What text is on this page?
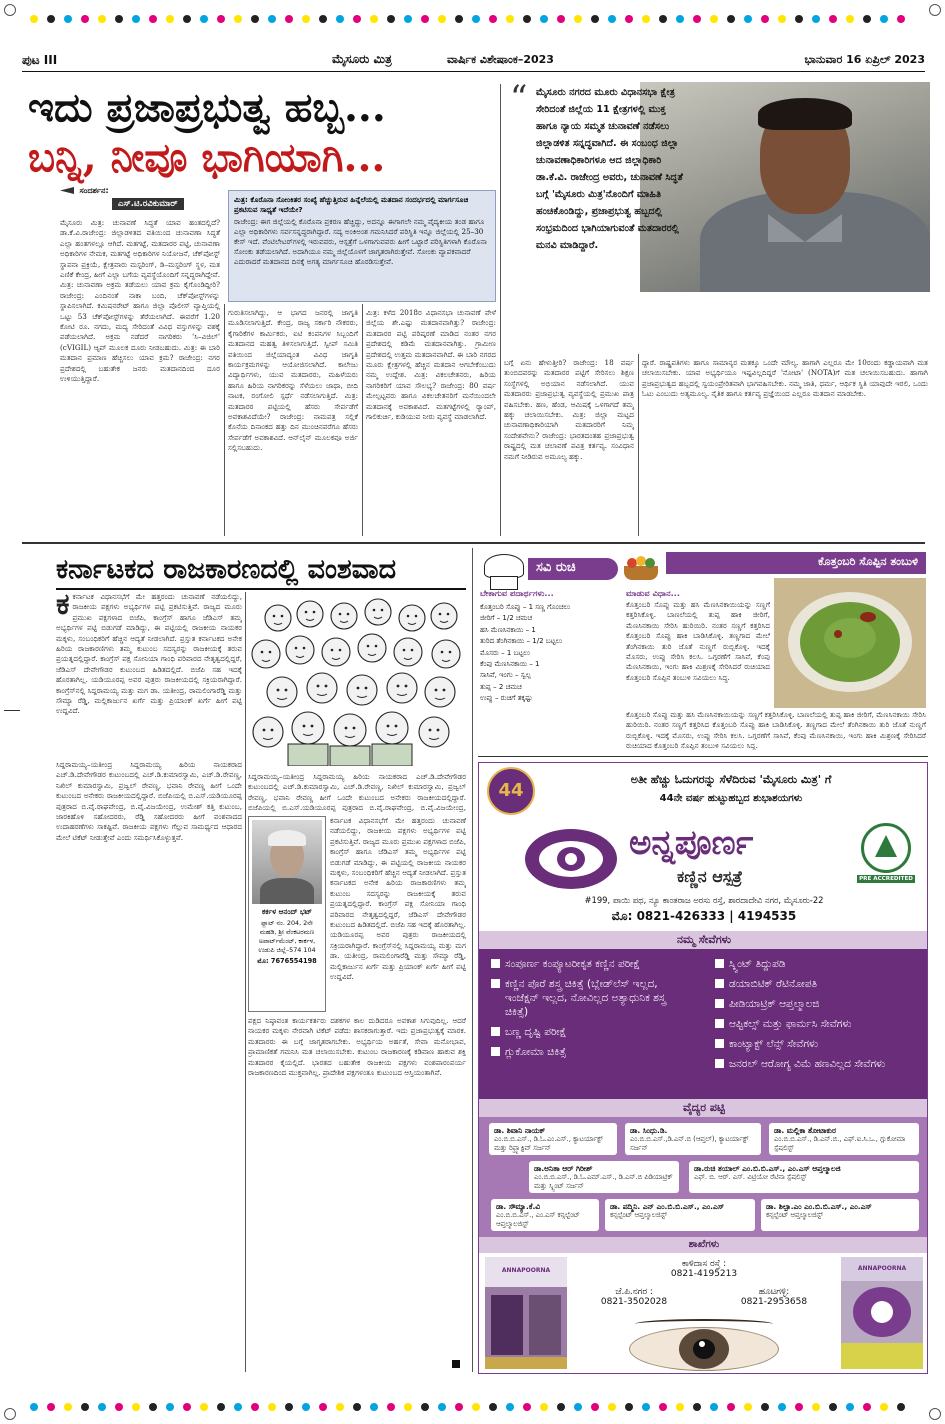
ಪುಟ III	ಮೈಸೂರು ಮಿತ್ರ	ವಾರ್ಷಿಕ ವಿಶೇಷಾಂಕ–2023	ಭಾನುವಾರ 16 ಏಪ್ರಿಲ್ 2023
ಇದು ಪ್ರಜಾಪ್ರಭುತ್ವ ಹಬ್ಬ...
ಬನ್ನಿ, ನೀವೂ ಭಾಗಿಯಾಗಿ...
ಸಂದರ್ಶನ:
ಎಸ್.ಟಿ.ರವಿಕುಮಾರ್
“ ಮೈಸೂರು ನಗರದ ಮೂರು ವಿಧಾನಸಭಾ ಕ್ಷೇತ್ರ ಸೇರಿದಂತೆ ಜಿಲ್ಲೆಯ 11 ಕ್ಷೇತ್ರಗಳಲ್ಲಿ ಮುಕ್ತ ಹಾಗೂ ನ್ಯಾಯ ಸಮ್ಮತ ಚುನಾವಣೆ ನಡೆಸಲು ಜಿಲ್ಲಾಡಳಿತ ಸನ್ನದ್ಧವಾಗಿದೆ. ಈ ಸಂಬಂಧ ಜಿಲ್ಲಾ ಚುನಾವಣಾಧಿಕಾರಿಗಳೂ ಆದ ಜಿಲ್ಲಾಧಿಕಾರಿ ಡಾ.ಕೆ.ವಿ. ರಾಜೇಂದ್ರ ಅವರು, ಚುನಾವಣೆ ಸಿದ್ಧತೆ ಬಗ್ಗೆ 'ಮೈಸೂರು ಮಿತ್ರ'ನೊಂದಿಗೆ ಮಾಹಿತಿ ಹಂಚಿಕೊಂಡಿದ್ದು, ಪ್ರಜಾಪ್ರಭುತ್ವ ಹಬ್ಬದಲ್ಲಿ ಸಂಭ್ರಮದಿಂದ ಭಾಗಿಯಾಗುವಂತೆ ಮತದಾರರಲ್ಲಿ ಮನವಿ ಮಾಡಿದ್ದಾರೆ.
ಮಿತ್ರ: ಕೊರೊನಾ ಸೋಂಕಿತರ ಸಂಖ್ಯೆ ಹೆಚ್ಚುತ್ತಿರುವ ಹಿನ್ನೆಲೆಯಲ್ಲಿ ಮತದಾನ ಸಂದರ್ಭದಲ್ಲಿ ಮಾರ್ಗಸೂಚಿ ಪ್ರಕಟಿಸುವ ಸಾಧ್ಯತೆ ಇದೆಯೇ?
ರಾಜೇಂದ್ರ: ಈಗ ಜಿಲ್ಲೆಯಲ್ಲಿ ಕೊರೊನಾ ಪ್ರಕರಣ ಹೆಚ್ಚಿದ್ದು, ಅದನ್ನೂ ಈಗಾಗಲೇ ನಮ್ಮ ವೈದ್ಯಕೀಯ ತಂಡ ಹಾಗೂ ಎಲ್ಲಾ ಅಧಿಕಾರಿಗಳು ಸರ್ವಸನ್ನದ್ಧರಾಗಿದ್ದಾರೆ. ಸದ್ಯ ಅಂಕಿಅಂಶ ಗಮನಿಸಿದರೆ ಪರಿಸ್ಥಿತಿ ಇನ್ನೂ ಜಿಲ್ಲೆಯಲ್ಲಿ 25–30 ಕೇಸ್ ಇದೆ. ವೆಂಟಿಲೇಟರ್‌ಗಳಲ್ಲಿ ಇರುವವರು, ಆಸ್ಪತ್ರೆಗೆ ಒಳಗಾಗುವವರು ಹೀಗೆ ಒಟ್ಟಾರೆ ಪರಿಸ್ಥಿತಿಗಳಾಗಿ ಕೊರೊನಾ ಸೋಂಕು ತಡೆಯಲಾಗಿದೆ. ಅದಾಗಿಯೂ ನಮ್ಮ ಜಿಲ್ಲೆಯೊಳಗೆ ಜಾಗೃತರಾಗಿರುತ್ತೇವೆ. ಸೋಂಕು ವ್ಯಾಪಕವಾದರೆ ಎದುರಾದರೆ ಮತದಾನದ ದಿನಕ್ಕೆ ಅಗತ್ಯ ಮಾರ್ಗಸೂಚಿ ಹೊರಡಿಸುತ್ತೇವೆ.
ಮೈಸೂರು ಮಿತ್ರ: ಚುನಾವಣೆ ಸಿದ್ಧತೆ ಯಾವ ಹಂತದಲ್ಲಿದೆ? ಡಾ.ಕೆ.ವಿ.ರಾಜೇಂದ್ರ: ಜಿಲ್ಲಾಡಳಿತದ ವತಿಯಿಂದ ಚುನಾವಣಾ ಸಿದ್ಧತೆ ಎಲ್ಲಾ ಹಂತಗಳಲ್ಲೂ ಆಗಿದೆ. ಮತಗಟ್ಟೆ, ಮತದಾರರ ಪಟ್ಟಿ, ಚುನಾವಣಾ ಅಧಿಕಾರಿಗಳ ನೇಮಕ, ಮತಗಟ್ಟೆ ಅಧಿಕಾರಿಗಳ ನಿಯೋಜನೆ, ಚೆಕ್‌ಪೋಸ್ಟ್ ಸ್ಥಾಪನಾ ಪ್ರಕ್ರಿಯೆ, ಕ್ಷೇತ್ರವಾರು ಮಸ್ಟರಿಂಗ್, ಡಿ–ಮಸ್ಟರಿಂಗ್ ಸ್ಥಳ, ಮತ ಎಣಿಕೆ ಕೇಂದ್ರ, ಹೀಗೆ ಎಲ್ಲಾ ಬಗೆಯ ವ್ಯವಸ್ಥೆಯೊಂದಿಗೆ ಸನ್ನದ್ಧರಾಗಿದ್ದೇವೆ. ಮಿತ್ರ: ಚುನಾವಣಾ ಅಕ್ರಮ ತಡೆಯಲು ಯಾವ ಕ್ರಮ ಕೈಗೊಂಡಿದ್ದೀರಿ? ರಾಜೇಂದ್ರ: ಎಂದಿನಂತೆ ನಾಕಾ ಬಂದಿ, ಚೆಕ್‌ಪೋಸ್ಟ್‌ಗಳನ್ನು ಸ್ಥಾಪಿಸಲಾಗಿದೆ. ಕಮಿಷನರೇಟ್ ಹಾಗೂ ಜಿಲ್ಲಾ ಪೊಲೀಸ್ ವ್ಯಾಪ್ತಿಯಲ್ಲಿ ಒಟ್ಟು 53 ಚೆಕ್‌ಪೋಸ್ಟ್‌ಗಳನ್ನು ತೆರೆಯಲಾಗಿದೆ. ಈವರೆಗೆ 1.20 ಕೋಟಿ ರೂ. ನಗದು, ಮದ್ಯ ಸೇರಿದಂತೆ ವಿವಿಧ ವಸ್ತುಗಳನ್ನು ವಶಕ್ಕೆ ಪಡೆಯಲಾಗಿದೆ. ಅಕ್ರಮ ನಡೆದರೆ ನಾಗರಿಕರು 'ಸಿ–ವಿಜಿಲ್' (cVIGIL) ಆ್ಯಪ್ ಮೂಲಕ ದೂರು ನೀಡಬಹುದು. ಮಿತ್ರ: ಈ ಬಾರಿ ಮತದಾನ ಪ್ರಮಾಣ ಹೆಚ್ಚಿಸಲು ಯಾವ ಕ್ರಮ? ರಾಜೇಂದ್ರ: ನಗರ ಪ್ರದೇಶದಲ್ಲಿ ಬಹುತೇಕ ಜನರು ಮತದಾನದಿಂದ ದೂರ ಉಳಿಯುತ್ತಿದ್ದಾರೆ.
ಗುರುತಿಸಲಾಗಿದ್ದು, ಆ ಭಾಗದ ಜನರಲ್ಲಿ ಜಾಗೃತಿ ಮೂಡಿಸಲಾಗುತ್ತಿದೆ. ಕೇಂದ್ರ, ರಾಜ್ಯ ಸರ್ಕಾರಿ ನೌಕರರು, ಕೈಗಾರಿಕೆಗಳ ಕಾರ್ಮಿಕರು, ಐಟಿ ಕಂಪನಿಗಳ ಸಿಬ್ಬಂದಿಗೆ ಮತದಾನದ ಮಹತ್ವ ತಿಳಿಸಲಾಗುತ್ತಿದೆ. ಸ್ವೀಪ್ ಸಮಿತಿ ವತಿಯಿಂದ ಜಿಲ್ಲೆಯಾದ್ಯಂತ ವಿವಿಧ ಜಾಗೃತಿ ಕಾರ್ಯಕ್ರಮಗಳನ್ನು ಆಯೋಜಿಸಲಾಗಿದೆ. ಕಾಲೇಜು ವಿದ್ಯಾರ್ಥಿಗಳು, ಯುವ ಮತದಾರರು, ಮಹಿಳೆಯರು ಹಾಗೂ ಹಿರಿಯ ನಾಗರಿಕರನ್ನು ಸೆಳೆಯಲು ಜಾಥಾ, ಬೀದಿ ನಾಟಕ, ರಂಗೋಲಿ ಸ್ಪರ್ಧೆ ನಡೆಸಲಾಗುತ್ತಿದೆ. ಮಿತ್ರ: ಮತದಾರರ ಪಟ್ಟಿಯಲ್ಲಿ ಹೆಸರು ಸೇರ್ಪಡೆಗೆ ಅವಕಾಶವಿದೆಯೇ? ರಾಜೇಂದ್ರ: ನಾಮಪತ್ರ ಸಲ್ಲಿಕೆ ಕೊನೆಯ ದಿನಾಂಕದ ಹತ್ತು ದಿನ ಮುಂಚಿನವರೆಗೂ ಹೆಸರು ಸೇರ್ಪಡೆಗೆ ಅವಕಾಶವಿದೆ. ಆನ್‌ಲೈನ್ ಮೂಲಕವೂ ಅರ್ಜಿ ಸಲ್ಲಿಸಬಹುದು.
ಮಿತ್ರ: ಕಳೆದ 2018ರ ವಿಧಾನಸಭಾ ಚುನಾವಣೆ ವೇಳೆ ಜಿಲ್ಲೆಯ ಶೇ.ಎಷ್ಟು ಮತದಾನವಾಗಿತ್ತು? ರಾಜೇಂದ್ರ: ಮತದಾರರ ಪಟ್ಟಿ ಪರಿಷ್ಕರಣೆ ಮಾಡಿದ ನಂತರ ನಗರ ಪ್ರದೇಶದಲ್ಲಿ ಕಡಿಮೆ ಮತದಾನವಾಗಿತ್ತು. ಗ್ರಾಮೀಣ ಪ್ರದೇಶದಲ್ಲಿ ಉತ್ತಮ ಮತದಾನವಾಗಿದೆ. ಈ ಬಾರಿ ನಗರದ ಮೂರು ಕ್ಷೇತ್ರಗಳಲ್ಲಿ ಹೆಚ್ಚಿನ ಮತದಾನ ಆಗಬೇಕೆಂಬುದು ನಮ್ಮ ಉದ್ದೇಶ. ಮಿತ್ರ: ವಿಕಲಚೇತನರು, ಹಿರಿಯ ನಾಗರಿಕರಿಗೆ ಯಾವ ಸೌಲಭ್ಯ? ರಾಜೇಂದ್ರ: 80 ವರ್ಷ ಮೇಲ್ಪಟ್ಟವರು ಹಾಗೂ ವಿಕಲಚೇತನರಿಗೆ ಮನೆಯಿಂದಲೇ ಮತದಾನಕ್ಕೆ ಅವಕಾಶವಿದೆ. ಮತಗಟ್ಟೆಗಳಲ್ಲಿ ರ‍್ಯಾಂಪ್, ಗಾಲಿಕುರ್ಚಿ, ಕುಡಿಯುವ ನೀರು ವ್ಯವಸ್ಥೆ ಮಾಡಲಾಗಿದೆ.
ಬಗ್ಗೆ ಏನು ಹೇಳುತ್ತೀರಿ? ರಾಜೇಂದ್ರ: 18 ವರ್ಷ ತುಂಬಿದವರನ್ನು ಮತದಾರರ ಪಟ್ಟಿಗೆ ಸೇರಿಸಲು ಶಿಕ್ಷಣ ಸಂಸ್ಥೆಗಳಲ್ಲಿ ಅಭಿಯಾನ ನಡೆಸಲಾಗಿದೆ. ಯುವ ಮತದಾರರು ಪ್ರಜಾಪ್ರಭುತ್ವ ವ್ಯವಸ್ಥೆಯಲ್ಲಿ ಪ್ರಮುಖ ಪಾತ್ರ ವಹಿಸಬೇಕು. ಹಣ, ಹೆಂಡ, ಆಮಿಷಕ್ಕೆ ಒಳಗಾಗದೆ ತಮ್ಮ ಹಕ್ಕು ಚಲಾಯಿಸಬೇಕು. ಮಿತ್ರ: ಜಿಲ್ಲಾ ಮಟ್ಟದ ಚುನಾವಣಾಧಿಕಾರಿಯಾಗಿ ಮತದಾರರಿಗೆ ನಿಮ್ಮ ಸಂದೇಶವೇನು? ರಾಜೇಂದ್ರ: ಭಾರತದಂತಹ ಪ್ರಜಾಪ್ರಭುತ್ವ ರಾಷ್ಟ್ರದಲ್ಲಿ ಮತ ಚಲಾವಣೆ ಪವಿತ್ರ ಕರ್ತವ್ಯ. ಸಂವಿಧಾನ ನಮಗೆ ನೀಡಿರುವ ಅಮೂಲ್ಯ ಹಕ್ಕು.
ದ್ದಾರೆ. ರಾಷ್ಟ್ರಪತಿಗಳು ಹಾಗೂ ಸಾಮಾನ್ಯರ ಮತಕ್ಕೂ ಒಂದೇ ಮೌಲ್ಯ. ಹಾಗಾಗಿ ಎಲ್ಲರೂ ಮೇ 10ರಂದು ಕಡ್ಡಾಯವಾಗಿ ಮತ ಚಲಾಯಿಸಬೇಕು. ಯಾವ ಅಭ್ಯರ್ಥಿಯೂ ಇಷ್ಟವಿಲ್ಲದಿದ್ದರೆ 'ನೋಟಾ' (NOTA)ಗೆ ಮತ ಚಲಾಯಿಸಬಹುದು. ಹಾಗಾಗಿ ಪ್ರಜಾಪ್ರಭುತ್ವದ ಹಬ್ಬದಲ್ಲಿ ಸ್ವಯಂಪ್ರೇರಿತವಾಗಿ ಭಾಗವಹಿಸಬೇಕು. ನಮ್ಮ ಜಾತಿ, ಧರ್ಮ, ಆರ್ಥಿಕ ಸ್ಥಿತಿ ಯಾವುದೇ ಇರಲಿ, ಒಂದು ಓಟು ಎಂಬುದು ಅತ್ಯಮೂಲ್ಯ. ನೈತಿಕ ಹಾಗೂ ಕರ್ತವ್ಯ ಪ್ರಜ್ಞೆಯಿಂದ ಎಲ್ಲರೂ ಮತದಾನ ಮಾಡಬೇಕು.
ಕರ್ನಾಟಕದ ರಾಜಕಾರಣದಲ್ಲಿ ವಂಶವಾದ
ಕ ಕರ್ನಾಟಕ ವಿಧಾನಸಭೆಗೆ ಮೇ ಹತ್ತರಂದು ಚುನಾವಣೆ ನಡೆಯಲಿದ್ದು, ರಾಜಕೀಯ ಪಕ್ಷಗಳು ಅಭ್ಯರ್ಥಿಗಳ ಪಟ್ಟಿ ಪ್ರಕಟಿಸುತ್ತಿವೆ. ರಾಜ್ಯದ ಮೂರು ಪ್ರಮುಖ ಪಕ್ಷಗಳಾದ ಬಿಜೆಪಿ, ಕಾಂಗ್ರೆಸ್ ಹಾಗೂ ಜೆಡಿಎಸ್ ತಮ್ಮ ಅಭ್ಯರ್ಥಿಗಳ ಪಟ್ಟಿ ಬಿಡುಗಡೆ ಮಾಡಿದ್ದು, ಈ ಪಟ್ಟಿಯಲ್ಲಿ ರಾಜಕೀಯ ನಾಯಕರ ಮಕ್ಕಳು, ಸಂಬಂಧಿಕರಿಗೆ ಹೆಚ್ಚಿನ ಆದ್ಯತೆ ನೀಡಲಾಗಿದೆ. ಪ್ರಸ್ತುತ ಕರ್ನಾಟಕದ ಅನೇಕ ಹಿರಿಯ ರಾಜಕಾರಣಿಗಳು ತಮ್ಮ ಕುಟುಂಬ ಸದಸ್ಯರನ್ನು ರಾಜಕೀಯಕ್ಕೆ ತರುವ ಪ್ರಯತ್ನದಲ್ಲಿದ್ದಾರೆ. ಕಾಂಗ್ರೆಸ್ ಪಕ್ಷ ಸೋನಿಯಾ ಗಾಂಧಿ ಪರಿವಾರದ ನೇತೃತ್ವದಲ್ಲಿದ್ದರೆ, ಜೆಡಿಎಸ್ ದೇವೇಗೌಡರ ಕುಟುಂಬದ ಹಿಡಿತದಲ್ಲಿದೆ. ಬಿಜೆಪಿ ಸಹ ಇದಕ್ಕೆ ಹೊರತಾಗಿಲ್ಲ. ಯಡಿಯೂರಪ್ಪ ಅವರ ಪುತ್ರರು ರಾಜಕೀಯದಲ್ಲಿ ಸಕ್ರಿಯರಾಗಿದ್ದಾರೆ. ಕಾಂಗ್ರೆಸ್‌ನಲ್ಲಿ ಸಿದ್ದರಾಮಯ್ಯ ಮತ್ತು ಮಗ ಡಾ. ಯತೀಂದ್ರ, ರಾಮಲಿಂಗಾರೆಡ್ಡಿ ಮತ್ತು ಸೌಮ್ಯಾ ರೆಡ್ಡಿ, ಮಲ್ಲಿಕಾರ್ಜುನ ಖರ್ಗೆ ಮತ್ತು ಪ್ರಿಯಾಂಕ್ ಖರ್ಗೆ ಹೀಗೆ ಪಟ್ಟಿ ಉದ್ದವಿದೆ.
ಸಿದ್ದರಾಮಯ್ಯ–ಯತೀಂದ್ರ ಸಿದ್ದರಾಮಯ್ಯ ಹಿರಿಯ ನಾಯಕರಾದ ಎಚ್.ಡಿ.ದೇವೇಗೌಡರ ಕುಟುಂಬದಲ್ಲಿ ಎಚ್.ಡಿ.ಕುಮಾರಸ್ವಾಮಿ, ಎಚ್.ಡಿ.ರೇವಣ್ಣ, ನಿಖಿಲ್ ಕುಮಾರಸ್ವಾಮಿ, ಪ್ರಜ್ವಲ್ ರೇವಣ್ಣ, ಭವಾನಿ ರೇವಣ್ಣ ಹೀಗೆ ಒಂದೇ ಕುಟುಂಬದ ಅನೇಕರು ರಾಜಕೀಯದಲ್ಲಿದ್ದಾರೆ. ಬಿಜೆಪಿಯಲ್ಲಿ ಬಿ.ಎಸ್.ಯಡಿಯೂರಪ್ಪ ಪುತ್ರರಾದ ಬಿ.ವೈ.ರಾಘವೇಂದ್ರ, ಬಿ.ವೈ.ವಿಜಯೇಂದ್ರ, ಉಮೇಶ್ ಕತ್ತಿ ಕುಟುಂಬ, ಜಾರಕಿಹೊಳಿ ಸಹೋದರರು, ರೆಡ್ಡಿ ಸಹೋದರರು ಹೀಗೆ ವಂಶವಾದದ ಉದಾಹರಣೆಗಳು ಸಾಕಷ್ಟಿವೆ. ರಾಜಕೀಯ ಪಕ್ಷಗಳು ಗೆಲ್ಲುವ ಸಾಮರ್ಥ್ಯದ ಆಧಾರದ ಮೇಲೆ ಟಿಕೆಟ್ ನೀಡುತ್ತೇವೆ ಎಂದು ಸಮರ್ಥಿಸಿಕೊಳ್ಳುತ್ತವೆ.
ಸಿದ್ದರಾಮಯ್ಯ–ಯತೀಂದ್ರ ಸಿದ್ದರಾಮಯ್ಯ ಹಿರಿಯ ನಾಯಕರಾದ ಎಚ್.ಡಿ.ದೇವೇಗೌಡರ ಕುಟುಂಬದಲ್ಲಿ ಎಚ್.ಡಿ.ಕುಮಾರಸ್ವಾಮಿ, ಎಚ್.ಡಿ.ರೇವಣ್ಣ, ನಿಖಿಲ್ ಕುಮಾರಸ್ವಾಮಿ, ಪ್ರಜ್ವಲ್ ರೇವಣ್ಣ, ಭವಾನಿ ರೇವಣ್ಣ ಹೀಗೆ ಒಂದೇ ಕುಟುಂಬದ ಅನೇಕರು ರಾಜಕೀಯದಲ್ಲಿದ್ದಾರೆ. ಬಿಜೆಪಿಯಲ್ಲಿ ಬಿ.ಎಸ್.ಯಡಿಯೂರಪ್ಪ ಪುತ್ರರಾದ ಬಿ.ವೈ.ರಾಘವೇಂದ್ರ, ಬಿ.ವೈ.ವಿಜಯೇಂದ್ರ,
ಕರ್ನಾಟಕ ವಿಧಾನಸಭೆಗೆ ಮೇ ಹತ್ತರಂದು ಚುನಾವಣೆ ನಡೆಯಲಿದ್ದು, ರಾಜಕೀಯ ಪಕ್ಷಗಳು ಅಭ್ಯರ್ಥಿಗಳ ಪಟ್ಟಿ ಪ್ರಕಟಿಸುತ್ತಿವೆ. ರಾಜ್ಯದ ಮೂರು ಪ್ರಮುಖ ಪಕ್ಷಗಳಾದ ಬಿಜೆಪಿ, ಕಾಂಗ್ರೆಸ್ ಹಾಗೂ ಜೆಡಿಎಸ್ ತಮ್ಮ ಅಭ್ಯರ್ಥಿಗಳ ಪಟ್ಟಿ ಬಿಡುಗಡೆ ಮಾಡಿದ್ದು, ಈ ಪಟ್ಟಿಯಲ್ಲಿ ರಾಜಕೀಯ ನಾಯಕರ ಮಕ್ಕಳು, ಸಂಬಂಧಿಕರಿಗೆ ಹೆಚ್ಚಿನ ಆದ್ಯತೆ ನೀಡಲಾಗಿದೆ. ಪ್ರಸ್ತುತ ಕರ್ನಾಟಕದ ಅನೇಕ ಹಿರಿಯ ರಾಜಕಾರಣಿಗಳು ತಮ್ಮ ಕುಟುಂಬ ಸದಸ್ಯರನ್ನು ರಾಜಕೀಯಕ್ಕೆ ತರುವ ಪ್ರಯತ್ನದಲ್ಲಿದ್ದಾರೆ. ಕಾಂಗ್ರೆಸ್ ಪಕ್ಷ ಸೋನಿಯಾ ಗಾಂಧಿ ಪರಿವಾರದ ನೇತೃತ್ವದಲ್ಲಿದ್ದರೆ, ಜೆಡಿಎಸ್ ದೇವೇಗೌಡರ ಕುಟುಂಬದ ಹಿಡಿತದಲ್ಲಿದೆ. ಬಿಜೆಪಿ ಸಹ ಇದಕ್ಕೆ ಹೊರತಾಗಿಲ್ಲ. ಯಡಿಯೂರಪ್ಪ ಅವರ ಪುತ್ರರು ರಾಜಕೀಯದಲ್ಲಿ ಸಕ್ರಿಯರಾಗಿದ್ದಾರೆ. ಕಾಂಗ್ರೆಸ್‌ನಲ್ಲಿ ಸಿದ್ದರಾಮಯ್ಯ ಮತ್ತು ಮಗ ಡಾ. ಯತೀಂದ್ರ, ರಾಮಲಿಂಗಾರೆಡ್ಡಿ ಮತ್ತು ಸೌಮ್ಯಾ ರೆಡ್ಡಿ, ಮಲ್ಲಿಕಾರ್ಜುನ ಖರ್ಗೆ ಮತ್ತು ಪ್ರಿಯಾಂಕ್ ಖರ್ಗೆ ಹೀಗೆ ಪಟ್ಟಿ ಉದ್ದವಿದೆ.
ಪಕ್ಷದ ನಿಷ್ಠಾವಂತ ಕಾರ್ಯಕರ್ತರು ದಶಕಗಳ ಕಾಲ ದುಡಿದರೂ ಅವಕಾಶ ಸಿಗುವುದಿಲ್ಲ. ಆದರೆ ನಾಯಕರ ಮಕ್ಕಳು ನೇರವಾಗಿ ಟಿಕೆಟ್ ಪಡೆದು ಶಾಸಕರಾಗುತ್ತಾರೆ. ಇದು ಪ್ರಜಾಪ್ರಭುತ್ವಕ್ಕೆ ಮಾರಕ. ಮತದಾರರು ಈ ಬಗ್ಗೆ ಜಾಗೃತರಾಗಬೇಕು. ಅಭ್ಯರ್ಥಿಯ ಅರ್ಹತೆ, ಸೇವಾ ಮನೋಭಾವ, ಪ್ರಾಮಾಣಿಕತೆ ಗಮನಿಸಿ ಮತ ಚಲಾಯಿಸಬೇಕು. ಕುಟುಂಬ ರಾಜಕಾರಣಕ್ಕೆ ಕಡಿವಾಣ ಹಾಕುವ ಶಕ್ತಿ ಮತದಾರರ ಕೈಯಲ್ಲಿದೆ. ಭಾರತದ ಬಹುತೇಕ ರಾಜಕೀಯ ಪಕ್ಷಗಳು ವಂಶಪಾರಂಪರ್ಯ ರಾಜಕಾರಣದಿಂದ ಮುಕ್ತವಾಗಿಲ್ಲ. ಪ್ರಾದೇಶಿಕ ಪಕ್ಷಗಳಂತೂ ಕುಟುಂಬದ ಆಸ್ತಿಯಂತಾಗಿವೆ.
ಕರ್ಕಳ ಆನಂದ್ ಭಟ್
ಫ್ಲಾಟ್ ನಂ. 204, 2ನೇ ಮಹಡಿ, ಶ್ರೀ ವೆಂಕಟರಮಣ ಅಪಾರ್ಟ್‌ಮೆಂಟ್, ಕಾರ್ಕಳ, ಉಡುಪಿ ಜಿಲ್ಲೆ–574 104
ಮೊ: 7676554198
ಸವಿ ರುಚಿ	ಕೊತ್ತಂಬರಿ ಸೊಪ್ಪಿನ ತಂಬುಳಿ
ಬೇಕಾಗುವ ಪದಾರ್ಥಗಳು...
ಕೊತ್ತಂಬರಿ ಸೊಪ್ಪು – 1 ಸಣ್ಣ ಗೊಂಚಲು
ಜೀರಿಗೆ – 1/2 ಚಮಚ
ಹಸಿ ಮೆಣಸಿನಕಾಯಿ – 1
ತುರಿದ ತೆಂಗಿನಕಾಯಿ – 1/2 ಬಟ್ಟಲು
ಮೊಸರು – 1 ಬಟ್ಟಲು
ಕೆಂಪು ಮೆಣಸಿನಕಾಯಿ – 1
ಸಾಸಿವೆ, ಇಂಗು – ಸ್ವಲ್ಪ
ತುಪ್ಪ – 2 ಚಮಚ
ಉಪ್ಪು – ರುಚಿಗೆ ತಕ್ಕಷ್ಟು
ಮಾಡುವ ವಿಧಾನ...
ಕೊತ್ತಂಬರಿ ಸೊಪ್ಪು ಮತ್ತು ಹಸಿ ಮೆಣಸಿನಕಾಯಿಯನ್ನು ಸಣ್ಣಗೆ ಕತ್ತರಿಸಿಕೊಳ್ಳಿ. ಬಾಣಲೆಯಲ್ಲಿ ತುಪ್ಪ ಹಾಕಿ ಜೀರಿಗೆ, ಮೆಣಸಿನಕಾಯಿ ಸೇರಿಸಿ ಹುರಿಯಿರಿ. ನಂತರ ಸಣ್ಣಗೆ ಕತ್ತರಿಸಿದ ಕೊತ್ತಂಬರಿ ಸೊಪ್ಪು ಹಾಕಿ ಬಾಡಿಸಿಕೊಳ್ಳಿ. ತಣ್ಣಗಾದ ಮೇಲೆ ತೆಂಗಿನಕಾಯಿ ತುರಿ ಜೊತೆ ನುಣ್ಣಗೆ ರುಬ್ಬಿಕೊಳ್ಳಿ. ಇದಕ್ಕೆ ಮೊಸರು, ಉಪ್ಪು ಸೇರಿಸಿ ಕಲಸಿ. ಒಗ್ಗರಣೆಗೆ ಸಾಸಿವೆ, ಕೆಂಪು ಮೆಣಸಿನಕಾಯಿ, ಇಂಗು ಹಾಕಿ ಮಿಶ್ರಣಕ್ಕೆ ಸೇರಿಸಿದರೆ ರುಚಿಯಾದ ಕೊತ್ತಂಬರಿ ಸೊಪ್ಪಿನ ತಂಬುಳಿ ಸವಿಯಲು ಸಿದ್ಧ.
ಕೊತ್ತಂಬರಿ ಸೊಪ್ಪು ಮತ್ತು ಹಸಿ ಮೆಣಸಿನಕಾಯಿಯನ್ನು ಸಣ್ಣಗೆ ಕತ್ತರಿಸಿಕೊಳ್ಳಿ. ಬಾಣಲೆಯಲ್ಲಿ ತುಪ್ಪ ಹಾಕಿ ಜೀರಿಗೆ, ಮೆಣಸಿನಕಾಯಿ ಸೇರಿಸಿ ಹುರಿಯಿರಿ. ನಂತರ ಸಣ್ಣಗೆ ಕತ್ತರಿಸಿದ ಕೊತ್ತಂಬರಿ ಸೊಪ್ಪು ಹಾಕಿ ಬಾಡಿಸಿಕೊಳ್ಳಿ. ತಣ್ಣಗಾದ ಮೇಲೆ ತೆಂಗಿನಕಾಯಿ ತುರಿ ಜೊತೆ ನುಣ್ಣಗೆ ರುಬ್ಬಿಕೊಳ್ಳಿ. ಇದಕ್ಕೆ ಮೊಸರು, ಉಪ್ಪು ಸೇರಿಸಿ ಕಲಸಿ. ಒಗ್ಗರಣೆಗೆ ಸಾಸಿವೆ, ಕೆಂಪು ಮೆಣಸಿನಕಾಯಿ, ಇಂಗು ಹಾಕಿ ಮಿಶ್ರಣಕ್ಕೆ ಸೇರಿಸಿದರೆ ರುಚಿಯಾದ ಕೊತ್ತಂಬರಿ ಸೊಪ್ಪಿನ ತಂಬುಳಿ ಸವಿಯಲು ಸಿದ್ಧ.
44
ಅತೀ ಹೆಚ್ಚು ಓದುಗರನ್ನು ಸೆಳೆದಿರುವ 'ಮೈಸೂರು ಮಿತ್ರ' ಗೆ
44ನೇ ವರ್ಷ ಹುಟ್ಟುಹಬ್ಬದ ಶುಭಾಶಯಗಳು
ಅನ್ನಪೂರ್ಣ
ಕಣ್ಣಿನ ಆಸ್ಪತ್ರೆ	PRE ACCREDITED
#199, ಪಾಯಿ ಪಥ, ನ್ಯೂ ಕಾಂತರಾಜ ಅರಸು ರಸ್ತೆ, ಶಾರದಾದೇವಿ ನಗರ, ಮೈಸೂರು-22
ಮೊ: 0821-426333 | 4194535
ನಮ್ಮ ಸೇವೆಗಳು
ಸಂಪೂರ್ಣ ಕಂಪ್ಯೂಟರೀಕೃತ ಕಣ್ಣಿನ ಪರೀಕ್ಷೆ
ಕಣ್ಣಿನ ಪೊರೆ ಶಸ್ತ್ರ ಚಿಕಿತ್ಸೆ (ಬ್ಲೇಡ್‌ಲೆಸ್ ಇಲ್ಲದ, ಇಂಜೆಕ್ಷನ್ ಇಲ್ಲದ, ನೋವಿಲ್ಲದ ಅತ್ಯಾಧುನಿಕ ಶಸ್ತ್ರ ಚಿಕಿತ್ಸೆ)
ಬಣ್ಣ ದೃಷ್ಟಿ ಪರೀಕ್ಷೆ
ಗ್ಲುಕೋಮಾ ಚಿಕಿತ್ಸೆ
ಸ್ಕ್ವಿಂಟ್ ತಿದ್ದುಪಡಿ
ಡಯಾಬಿಟಿಕ್ ರೆಟಿನೋಪತಿ
ಪೀಡಿಯಾಟ್ರಿಕ್ ಆಪ್ತಲ್ಮಾಲಜಿ
ಆಪ್ಟಿಕಲ್ಸ್ ಮತ್ತು ಫಾರ್ಮಸಿ ಸೇವೆಗಳು
ಕಾಂಟ್ಯಾಕ್ಟ್ ಲೆನ್ಸ್ ಸೇವೆಗಳು
ಜನರಲ್ ಆರೋಗ್ಯ ವಿಮೆ ಹಣವಿಲ್ಲದ ಸೇವೆಗಳು
ವೈದ್ಯರ ಪಟ್ಟಿ
ಡಾ. ಶಿವಾನಿ ನಾಯಕ್
ಎಂ.ಬಿ.ಬಿ.ಎಸ್., ಡಿ.ಓ.ಎಂ.ಎಸ್., ಕ್ಯಾಟರ್ಯಾಕ್ಟ್ ಮತ್ತು ರಿಫ್ರ್ಯಾಕ್ಟಿವ್ ಸರ್ಜನ್
ಡಾ. ಸಿಂಧು.ಡಿ.
ಎಂ.ಬಿ.ಬಿ.ಎಸ್.,ಡಿ.ಎನ್.ಬಿ (ಆಪ್ತಲ್), ಕ್ಯಾಟರ್ಯಾಕ್ಟ್ ಸರ್ಜನ್
ಡಾ. ಮಲ್ಲಿಕಾ ತೋಟಾಕುರ
ಎಂ.ಬಿ.ಬಿ.ಎಸ್., ಡಿ.ಎನ್.ಬಿ., ಎಫ್.ಐ.ಸಿ.ಒ., ಗ್ಲುಕೋಮಾ ಸ್ಪೆಷಲಿಸ್ಟ್
ಡಾ.ಅನಿತಾ ಆರ್ ಗಿರೀಶ್
ಎಂ.ಬಿ.ಬಿ.ಎಸ್., ಡಿ.ಓ.ಎಮ್.ಎಸ್., ಡಿ.ಎನ್.ಬಿ ಪಿಡಿಯಾಟ್ರಿಕ್ ಮತ್ತು ಸ್ಕ್ವಿಂಟ್ ಸರ್ಜನ್
ಡಾ.ರುಚಿ ತಯಾಲ್ ಎಂ.ಬಿ.ಬಿ.ಎಸ್., ಎಂ.ಎಸ್ ಆಪ್ತಲ್ಮಾಲಜಿ
ಎಫ್. ಬಿ. ಆರ್. ಎಸ್. ವಿಟ್ರಿಯೋ ರೆಟಿನಾ ಸ್ಪೆಷಲಿಸ್ಟ್
ಡಾ. ಸೌಮ್ಯಾ.ಕೆ.ವಿ
ಎಂ.ಬಿ.ಬಿ.ಎಸ್., ಎಂ.ಎಸ್ ಕನ್ಸಲ್ಟೆಂಟ್ ಆಪ್ತಲ್ಮಾಲಜಿಸ್ಟ್
ಡಾ. ಪದ್ಮಿನಿ. ಎನ್ ಎಂ.ಬಿ.ಬಿ.ಎಸ್., ಎಂ.ಎಸ್
ಕನ್ಸಲ್ಟೆಂಟ್ ಆಪ್ತಲ್ಮಾಲಜಿಸ್ಟ್
ಡಾ. ಶಿಲ್ಪಾ.ಎಂ ಎಂ.ಬಿ.ಬಿ.ಎಸ್., ಎಂ.ಎಸ್
ಕನ್ಸಲ್ಟೆಂಟ್ ಆಪ್ತಲ್ಮಾಲಜಿಸ್ಟ್
ಶಾಖೆಗಳು
ANNAPOORNA	ANNAPOORNA
ಕಾಳಿದಾಸ ರಸ್ತೆ :
0821-4195213
ಜೆ.ಪಿ.ನಗರ :
0821-3502028
ಹೂಟಗಳ್ಳಿ:
0821-2953658
